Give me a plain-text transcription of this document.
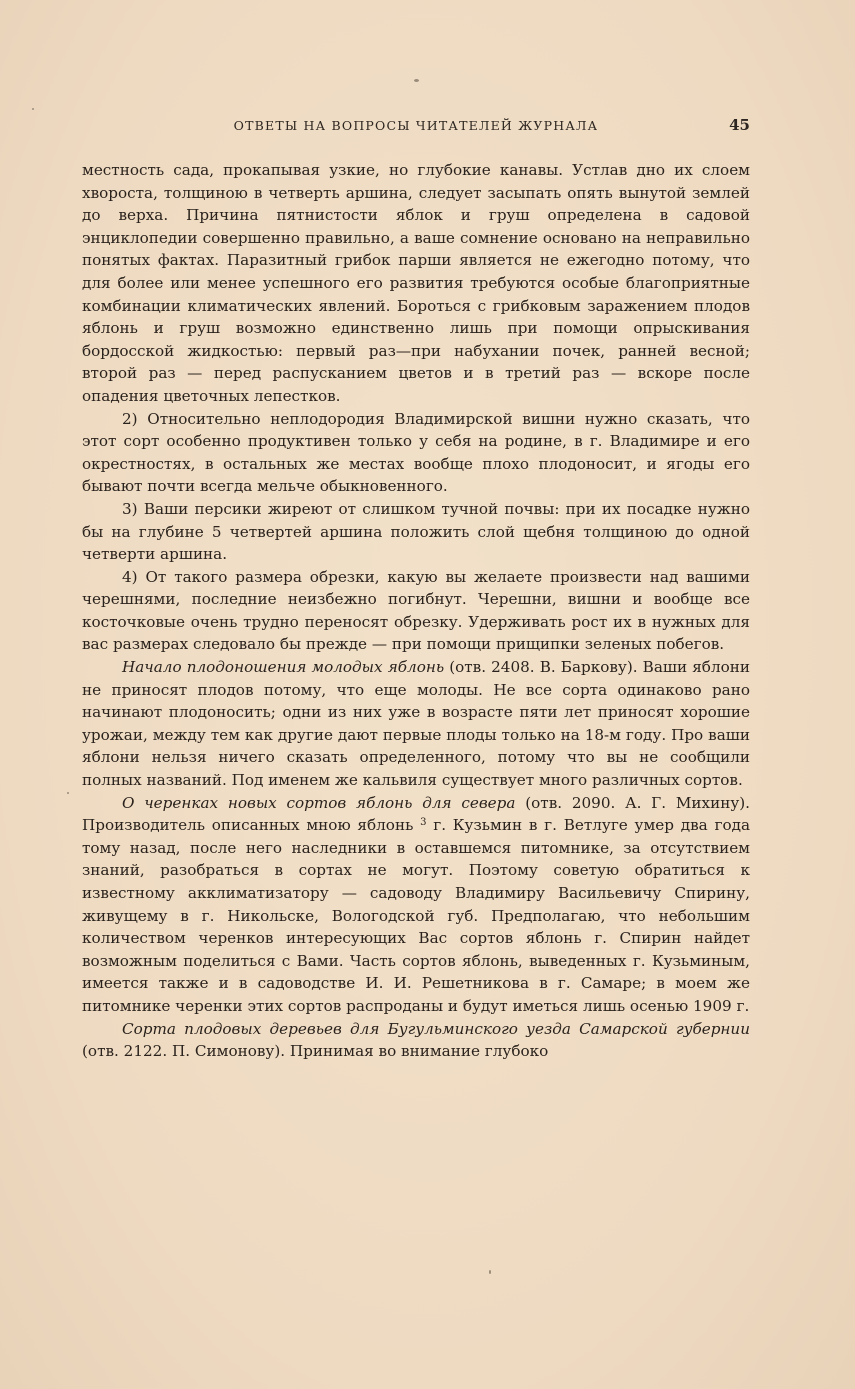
ОТВЕТЫ НА ВОПРОСЫ ЧИТАТЕЛЕЙ ЖУРНАЛА	45

местность сада, прокапывая узкие, но глубокие канавы. Устлав дно их слоем хвороста, толщиною в четверть аршина, следует засыпать опять вынутой землей до верха. Причина пятнистости яблок и груш определена в садовой энциклопедии совершенно правильно, а ваше сомнение основано на неправильно понятых фактах. Паразитный грибок парши является не ежегодно потому, что для более или менее успешного его развития требуются особые благоприятные комбинации климатических явлений. Бороться с грибковым заражением плодов яблонь и груш возможно единственно лишь при помощи опрыскивания бордосской жидкостью: первый раз—при набухании почек, ранней весной; второй раз — перед распусканием цветов и в третий раз — вскоре после опадения цветочных лепестков.

2) Относительно неплодородия Владимирской вишни нужно сказать, что этот сорт особенно продуктивен только у себя на родине, в г. Владимире и его окрестностях, в остальных же местах вообще плохо плодоносит, и ягоды его бывают почти всегда мельче обыкновенного.

3) Ваши персики жиреют от слишком тучной почвы: при их посадке нужно бы на глубине 5 четвертей аршина положить слой щебня толщиною до одной четверти аршина.

4) От такого размера обрезки, какую вы желаете произвести над вашими черешнями, последние неизбежно погибнут. Черешни, вишни и вообще все косточковые очень трудно переносят обрезку. Удерживать рост их в нужных для вас размерах следовало бы прежде — при помощи прищипки зеленых побегов.

Начало плодоношения молодых яблонь (отв. 2408. В. Баркову). Ваши яблони не приносят плодов потому, что еще молоды. Не все сорта одинаково рано начинают плодоносить; одни из них уже в возрасте пяти лет приносят хорошие урожаи, между тем как другие дают первые плоды только на 18-м году. Про ваши яблони нельзя ничего сказать определенного, потому что вы не сообщили полных названий. Под именем же кальвиля существует много различных сортов.

О черенках новых сортов яблонь для севера (отв. 2090. А. Г. Михину). Производитель описанных мною яблонь $^3$ г. Кузьмин в г. Ветлуге умер два года тому назад, после него наследники в оставшемся питомнике, за отсутствием знаний, разобраться в сортах не могут. Поэтому советую обратиться к известному акклиматизатору — садоводу Владимиру Васильевичу Спирину, живущему в г. Никольске, Вологодской губ. Предполагаю, что небольшим количеством черенков интересующих Вас сортов яблонь г. Спирин найдет возможным поделиться с Вами. Часть сортов яблонь, выведенных г. Кузьминым, имеется также и в садоводстве И. И. Решетникова в г. Самаре; в моем же питомнике черенки этих сортов распроданы и будут иметься лишь осенью 1909 г.

Сорта плодовых деревьев для Бугульминского уезда Самарской губернии (отв. 2122. П. Симонову). Принимая во внимание глубоко
